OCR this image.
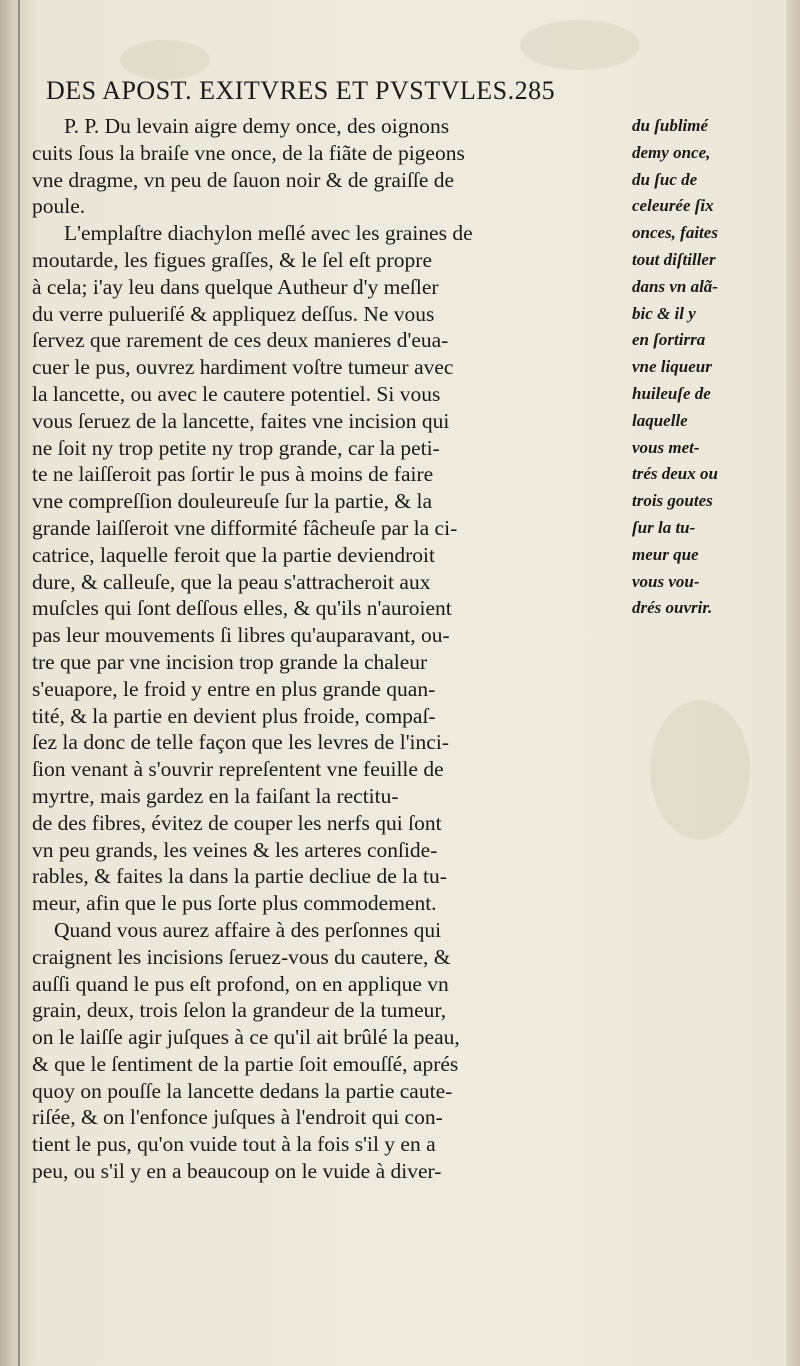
DES APOST. EXITVRES ET PVSTVLES.285
P. P. Du levain aigre demy once, des oignons
cuits ſous la braiſe vne once, de la fiãte de pigeons
vne dragme, vn peu de ſauon noir & de graiſſe de
poule.
L'emplaſtre diachylon meſlé avec les graines de
moutarde, les figues graſſes, & le ſel eſt propre
à cela; i'ay leu dans quelque Autheur d'y meſler
du verre pulueriſé & appliquez deſſus. Ne vous
ſervez que rarement de ces deux manieres d'eua-
cuer le pus, ouvrez hardiment voſtre tumeur avec
la lancette, ou avec le cautere potentiel. Si vous
vous ſeruez de la lancette, faites vne incision qui
ne ſoit ny trop petite ny trop grande, car la peti-
te ne laiſſeroit pas ſortir le pus à moins de faire
vne compreſſion douleureuſe ſur la partie, & la
grande laiſſeroit vne difformité fâcheuſe par la ci-
catrice, laquelle feroit que la partie deviendroit
dure, & calleuſe, que la peau s'attracheroit aux
muſcles qui ſont deſſous elles, & qu'ils n'auroient
pas leur mouvements ſi libres qu'auparavant, ou-
tre que par vne incision trop grande la chaleur
s'euapore, le froid y entre en plus grande quan-
tité, & la partie en devient plus froide, compaſ-
ſez la donc de telle façon que les levres de l'inci-
ſion venant à s'ouvrir repreſentent vne feuille de
myrtre, mais gardez en la faiſant la rectitu-
de des fibres, évitez de couper les nerfs qui ſont
vn peu grands, les veines & les arteres conſide-
rables, & faites la dans la partie decliue de la tu-
meur, afin que le pus ſorte plus commodement.
Quand vous aurez affaire à des perſonnes qui
craignent les incisions ſeruez-vous du cautere, &
auſſi quand le pus eſt profond, on en applique vn
grain, deux, trois ſelon la grandeur de la tumeur,
on le laiſſe agir juſques à ce qu'il ait brûlé la peau,
& que le ſentiment de la partie ſoit emouſſé, aprés
quoy on pouſſe la lancette dedans la partie caute-
riſée, & on l'enfonce juſques à l'endroit qui con-
tient le pus, qu'on vuide tout à la fois s'il y en a
peu, ou s'il y en a beaucoup on le vuide à diver-
du ſublimé
demy once,
du ſuc de
celeurée ſix
onces, faites
tout diſtiller
dans vn alã-
bic & il y
en ſortirra
vne liqueur
huileuſe de
laquelle
vous met-
trés deux ou
trois goutes
ſur la tu-
meur que
vous vou-
drés ouvrir.
